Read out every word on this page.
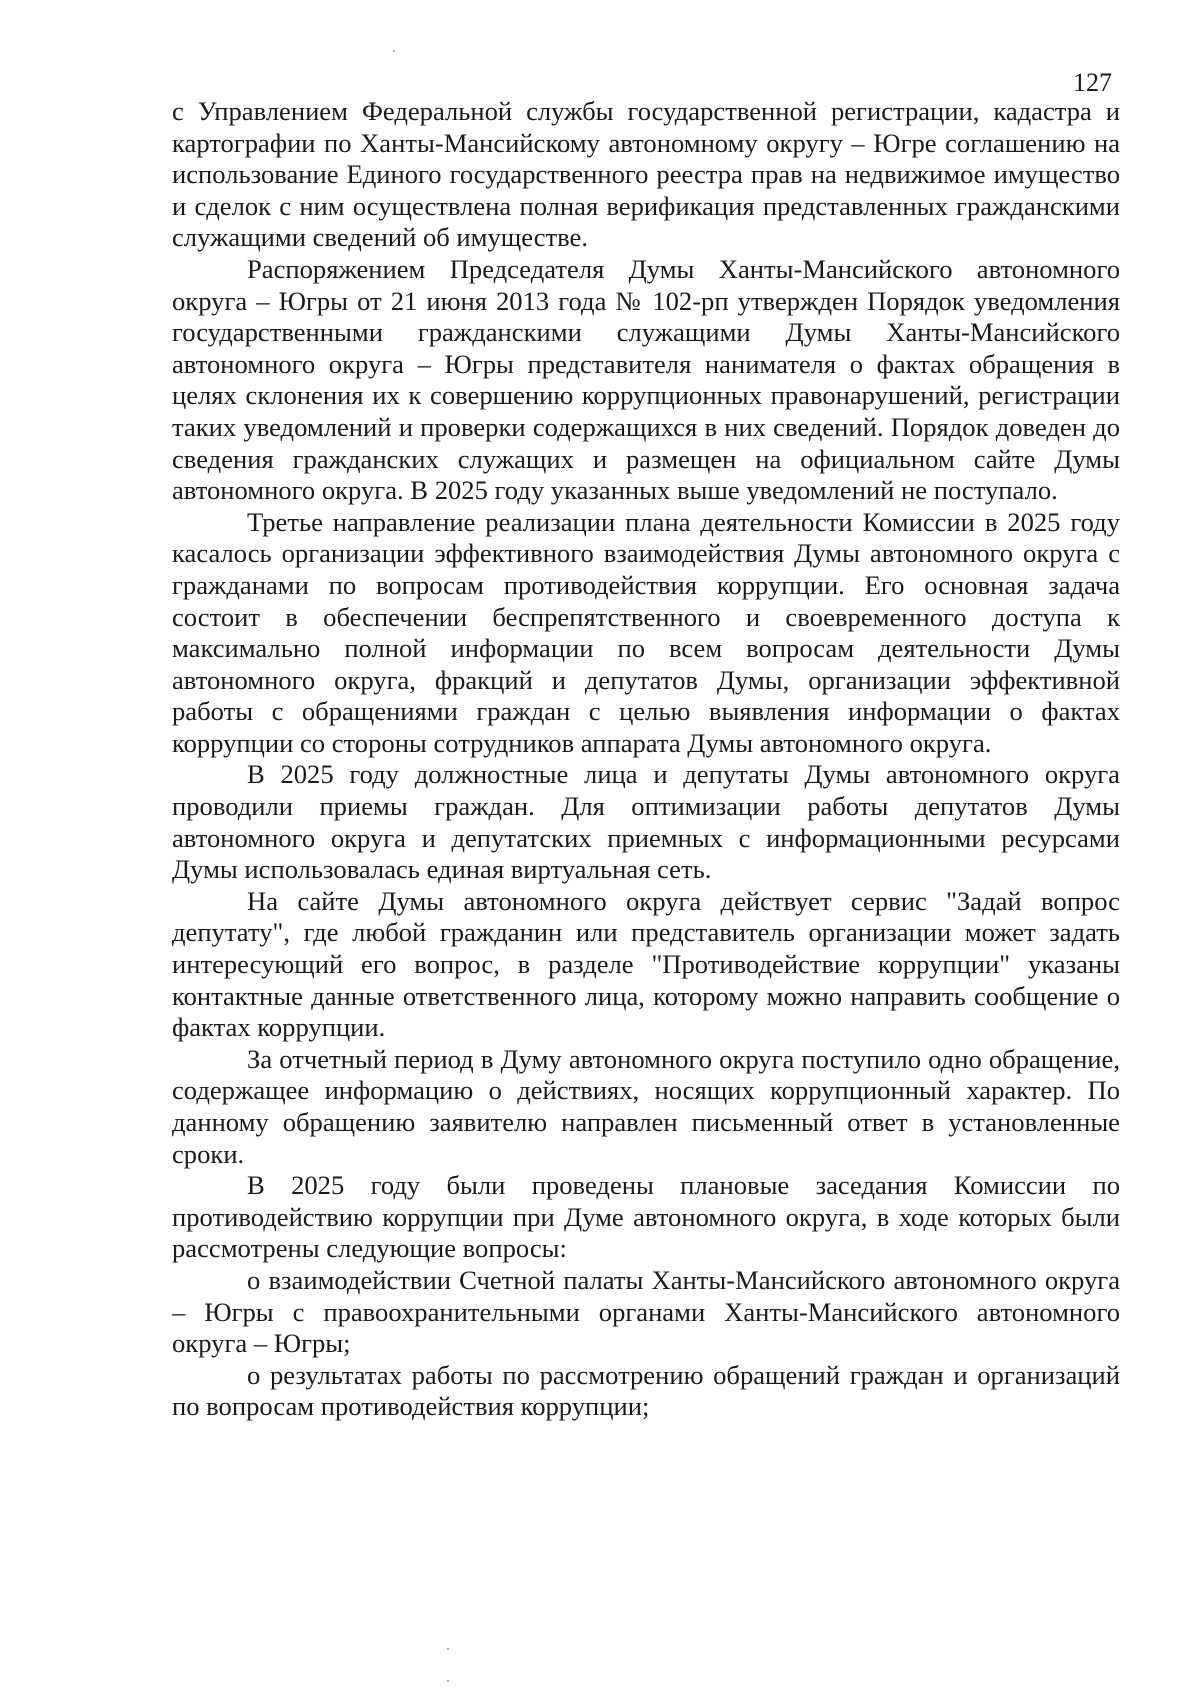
127

с Управлением Федеральной службы государственной регистрации, кадастра и картографии по Ханты-Мансийскому автономному округу – Югре соглашению на использование Единого государственного реестра прав на недвижимое имущество и сделок с ним осуществлена полная верификация представленных гражданскими служащими сведений об имуществе.

Распоряжением Председателя Думы Ханты-Мансийского автономного округа – Югры от 21 июня 2013 года № 102-рп утвержден Порядок уведомления государственными гражданскими служащими Думы Ханты-Мансийского автономного округа – Югры представителя нанимателя о фактах обращения в целях склонения их к совершению коррупционных правонарушений, регистрации таких уведомлений и проверки содержащихся в них сведений. Порядок доведен до сведения гражданских служащих и размещен на официальном сайте Думы автономного округа. В 2025 году указанных выше уведомлений не поступало.

Третье направление реализации плана деятельности Комиссии в 2025 году касалось организации эффективного взаимодействия Думы автономного округа с гражданами по вопросам противодействия коррупции. Его основная задача состоит в обеспечении беспрепятственного и своевременного доступа к максимально полной информации по всем вопросам деятельности Думы автономного округа, фракций и депутатов Думы, организации эффективной работы с обращениями граждан с целью выявления информации о фактах коррупции со стороны сотрудников аппарата Думы автономного округа.

В 2025 году должностные лица и депутаты Думы автономного округа проводили приемы граждан. Для оптимизации работы депутатов Думы автономного округа и депутатских приемных с информационными ресурсами Думы использовалась единая виртуальная сеть.

На сайте Думы автономного округа действует сервис "Задай вопрос депутату", где любой гражданин или представитель организации может задать интересующий его вопрос, в разделе "Противодействие коррупции" указаны контактные данные ответственного лица, которому можно направить сообщение о фактах коррупции.

За отчетный период в Думу автономного округа поступило одно обращение, содержащее информацию о действиях, носящих коррупционный характер. По данному обращению заявителю направлен письменный ответ в установленные сроки.

В 2025 году были проведены плановые заседания Комиссии по противодействию коррупции при Думе автономного округа, в ходе которых были рассмотрены следующие вопросы:

о взаимодействии Счетной палаты Ханты-Мансийского автономного округа – Югры с правоохранительными органами Ханты-Мансийского автономного округа – Югры;

о результатах работы по рассмотрению обращений граждан и организаций по вопросам противодействия коррупции;
